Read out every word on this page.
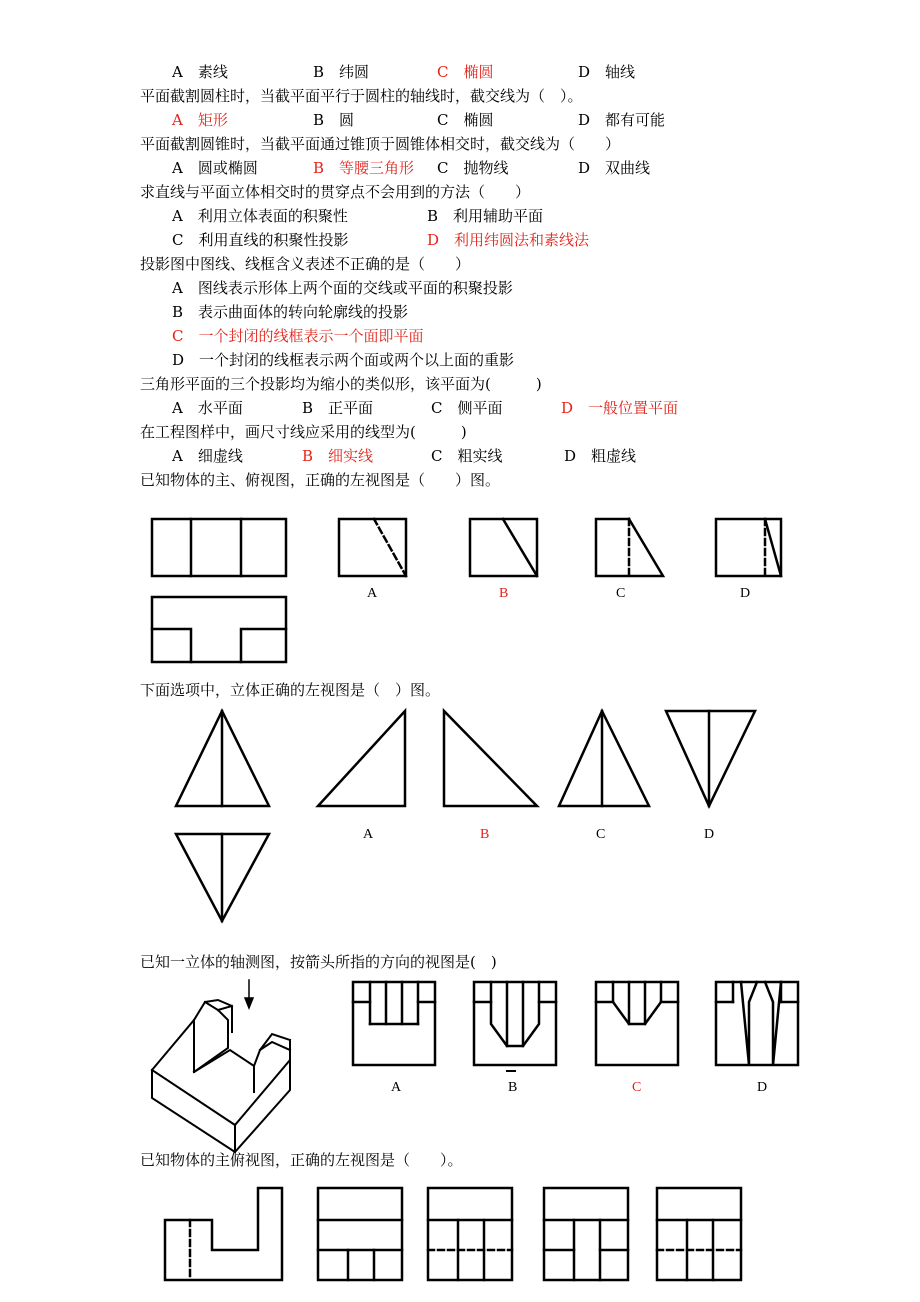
A　素线	B　纬圆	C　椭圆	D　轴线
平面截割圆柱时，当截平面平行于圆柱的轴线时，截交线为（　）。
A　矩形	B　圆	C　椭圆	D　都有可能
平面截割圆锥时，当截平面通过锥顶于圆锥体相交时，截交线为（　　）
A　圆或椭圆	B　等腰三角形 C　抛物线	D　双曲线
求直线与平面立体相交时的贯穿点不会用到的方法（　　）
A　利用立体表面的积聚性	B　利用辅助平面
C　利用直线的积聚性投影	D　利用纬圆法和素线法
投影图中图线、线框含义表述不正确的是（　　）
A　图线表示形体上两个面的交线或平面的积聚投影
B　表示曲面体的转向轮廓线的投影
C　一个封闭的线框表示一个面即平面
D　一个封闭的线框表示两个面或两个以上面的重影
三角形平面的三个投影均为缩小的类似形，该平面为(　　　)
A　水平面	B　正平面	C　侧平面	D　一般位置平面
在工程图样中，画尺寸线应采用的线型为(　　　)
A　细虚线	B　细实线	C　粗实线	D　粗虚线
已知物体的主、俯视图，正确的左视图是（　　）图。
A	B	C	D
下面选项中，立体正确的左视图是（　）图。
A	B	C	D
已知一立体的轴测图，按箭头所指的方向的视图是(　)
A	B	C	D
已知物体的主俯视图，正确的左视图是（　　）。
